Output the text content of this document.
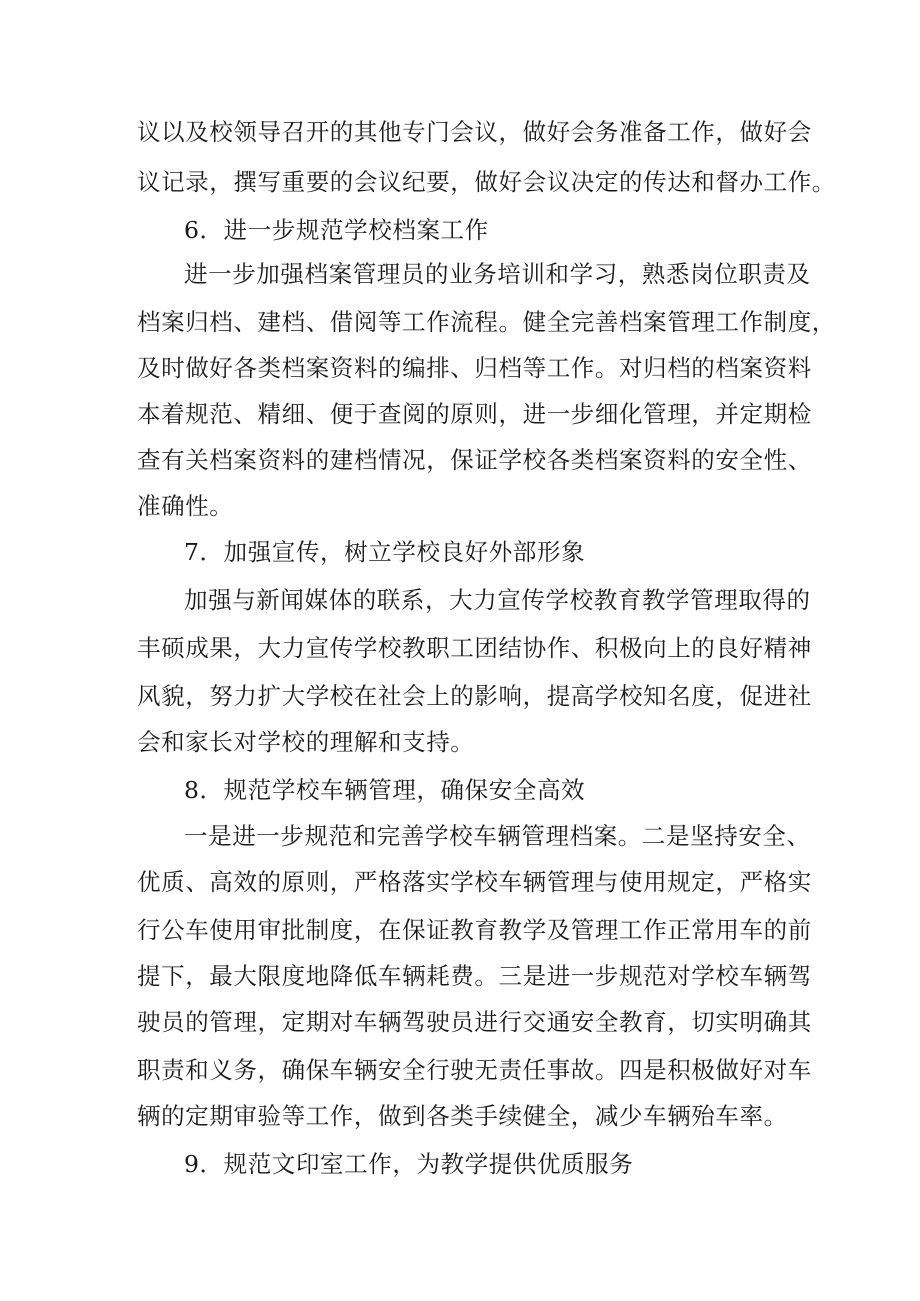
议以及校领导召开的其他专门会议，做好会务准备工作，做好会
议记录，撰写重要的会议纪要，做好会议决定的传达和督办工作。
6．进一步规范学校档案工作
进一步加强档案管理员的业务培训和学习，熟悉岗位职责及
档案归档、建档、借阅等工作流程。健全完善档案管理工作制度，
及时做好各类档案资料的编排、归档等工作。对归档的档案资料
本着规范、精细、便于查阅的原则，进一步细化管理，并定期检
查有关档案资料的建档情况，保证学校各类档案资料的安全性、
准确性。
7．加强宣传，树立学校良好外部形象
加强与新闻媒体的联系，大力宣传学校教育教学管理取得的
丰硕成果，大力宣传学校教职工团结协作、积极向上的良好精神
风貌，努力扩大学校在社会上的影响，提高学校知名度，促进社
会和家长对学校的理解和支持。
8．规范学校车辆管理，确保安全高效
一是进一步规范和完善学校车辆管理档案。二是坚持安全、
优质、高效的原则，严格落实学校车辆管理与使用规定，严格实
行公车使用审批制度，在保证教育教学及管理工作正常用车的前
提下，最大限度地降低车辆耗费。三是进一步规范对学校车辆驾
驶员的管理，定期对车辆驾驶员进行交通安全教育，切实明确其
职责和义务，确保车辆安全行驶无责任事故。四是积极做好对车
辆的定期审验等工作，做到各类手续健全，减少车辆殆车率。
9．规范文印室工作，为教学提供优质服务
